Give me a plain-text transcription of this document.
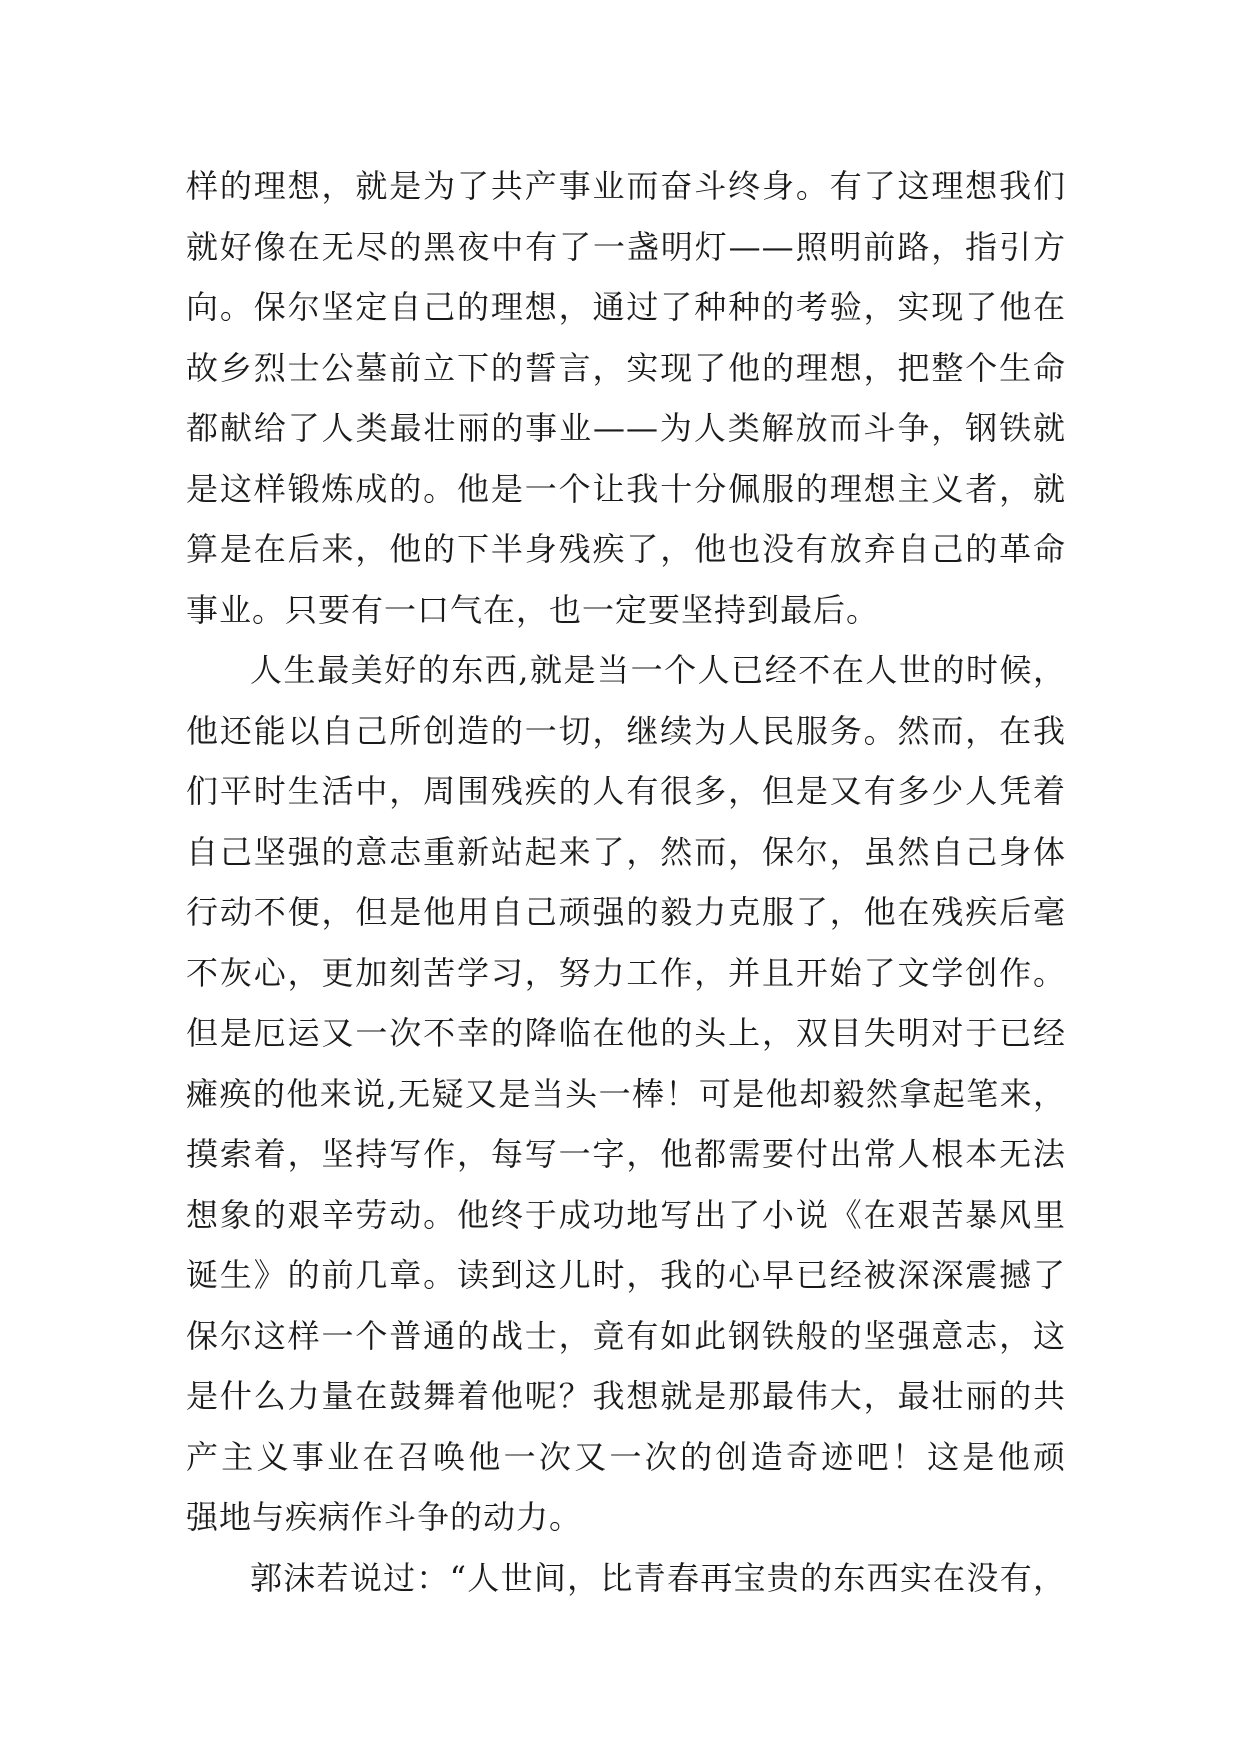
样的理想，就是为了共产事业而奋斗终身。有了这理想我们
就好像在无尽的黑夜中有了一盏明灯——照明前路，指引方
向。保尔坚定自己的理想，通过了种种的考验，实现了他在
故乡烈士公墓前立下的誓言，实现了他的理想，把整个生命
都献给了人类最壮丽的事业——为人类解放而斗争，钢铁就
是这样锻炼成的。他是一个让我十分佩服的理想主义者，就
算是在后来，他的下半身残疾了，他也没有放弃自己的革命
事业。只要有一口气在，也一定要坚持到最后。
人生最美好的东西,就是当一个人已经不在人世的时候，
他还能以自己所创造的一切，继续为人民服务。然而，在我
们平时生活中，周围残疾的人有很多，但是又有多少人凭着
自己坚强的意志重新站起来了，然而，保尔，虽然自己身体
行动不便，但是他用自己顽强的毅力克服了，他在残疾后毫
不灰心，更加刻苦学习，努力工作，并且开始了文学创作。
但是厄运又一次不幸的降临在他的头上，双目失明对于已经
瘫痪的他来说,无疑又是当头一棒！可是他却毅然拿起笔来，
摸索着，坚持写作，每写一字，他都需要付出常人根本无法
想象的艰辛劳动。他终于成功地写出了小说《在艰苦暴风里
诞生》的前几章。读到这儿时，我的心早已经被深深震撼了
保尔这样一个普通的战士，竟有如此钢铁般的坚强意志，这
是什么力量在鼓舞着他呢？我想就是那最伟大，最壮丽的共
产主义事业在召唤他一次又一次的创造奇迹吧！这是他顽
强地与疾病作斗争的动力。
郭沫若说过：“人世间，比青春再宝贵的东西实在没有，
